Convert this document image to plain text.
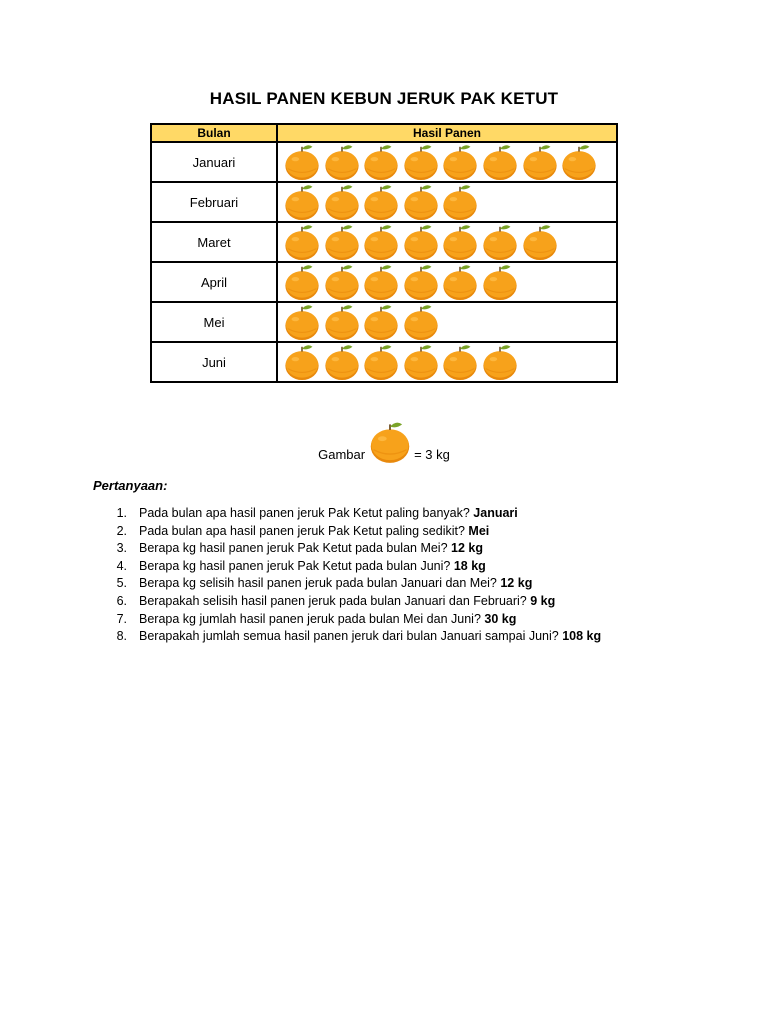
HASIL PANEN KEBUN JERUK PAK KETUT
Bulan	Hasil Panen
Januari	

Februari	

Maret	

April	

Mei	

Juni	
Gambar	= 3 kg
Pertanyaan:
1. Pada bulan apa hasil panen jeruk Pak Ketut paling banyak? Januari
2. Pada bulan apa hasil panen jeruk Pak Ketut paling sedikit? Mei
3. Berapa kg hasil panen jeruk Pak Ketut pada bulan Mei? 12 kg
4. Berapa kg hasil panen jeruk Pak Ketut pada bulan Juni? 18 kg
5. Berapa kg selisih hasil panen jeruk pada bulan Januari dan Mei? 12 kg
6. Berapakah selisih hasil panen jeruk pada bulan Januari dan Februari? 9 kg
7. Berapa kg jumlah hasil panen jeruk pada bulan Mei dan Juni? 30 kg
8. Berapakah jumlah semua hasil panen jeruk dari bulan Januari sampai Juni? 108 kg
